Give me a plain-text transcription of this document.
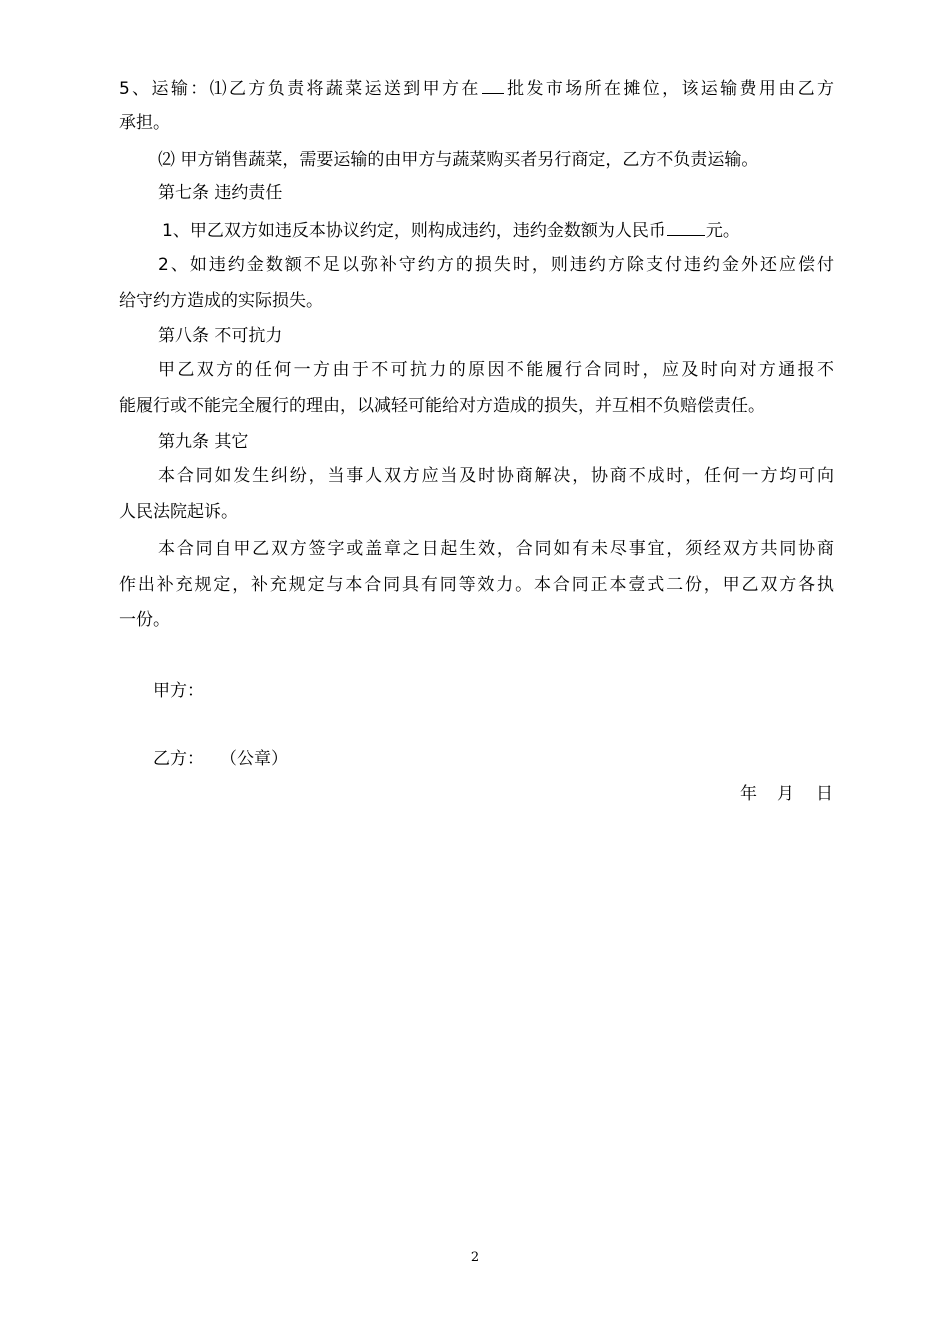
5、运输：⑴乙方负责将蔬菜运送到甲方在 批发市场所在摊位，该运输费用由乙方
承担。
⑵ 甲方销售蔬菜，需要运输的由甲方与蔬菜购买者另行商定，乙方不负责运输。
第七条 违约责任
1、甲乙双方如违反本协议约定，则构成违约，违约金数额为人民币 元。
2、如违约金数额不足以弥补守约方的损失时，则违约方除支付违约金外还应偿付
给守约方造成的实际损失。
第八条 不可抗力
甲乙双方的任何一方由于不可抗力的原因不能履行合同时，应及时向对方通报不
能履行或不能完全履行的理由，以减轻可能给对方造成的损失，并互相不负赔偿责任。
第九条 其它
本合同如发生纠纷，当事人双方应当及时协商解决，协商不成时，任何一方均可向
人民法院起诉。
本合同自甲乙双方签字或盖章之日起生效，合同如有未尽事宜，须经双方共同协商
作出补充规定，补充规定与本合同具有同等效力。本合同正本壹式二份，甲乙双方各执
一份。
甲方：
乙方： （公章）
年 月 日
2
